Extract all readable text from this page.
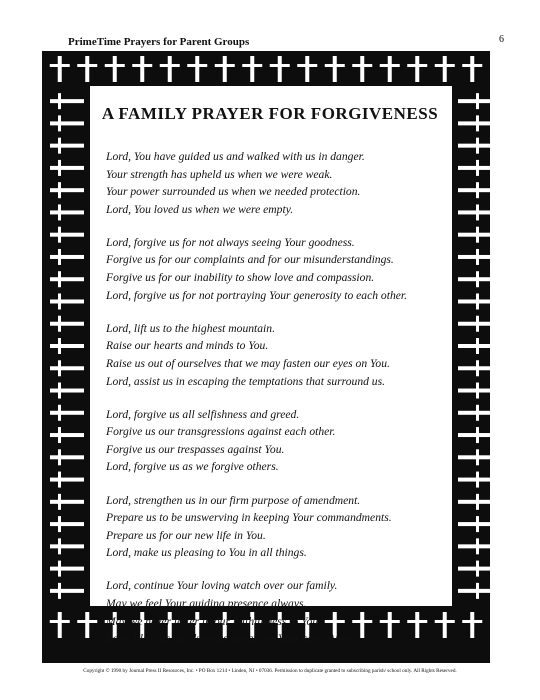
PrimeTime Prayers for Parent Groups	6
A FAMILY PRAYER FOR FORGIVENESS
Lord, You have guided us and walked with us in danger.
Your strength has upheld us when we were weak.
Your power surrounded us when we needed protection.
Lord, You loved us when we were empty.
Lord, forgive us for not always seeing Your goodness.
Forgive us for our complaints and for our misunderstandings.
Forgive us for our inability to show love and compassion.
Lord, forgive us for not portraying Your generosity to each other.
Lord, lift us to the highest mountain.
Raise our hearts and minds to You.
Raise us out of ourselves that we may fasten our eyes on You.
Lord, assist us in escaping the temptations that surround us.
Lord, forgive us all selfishness and greed.
Forgive us our transgressions against each other.
Forgive us our trespasses against You.
Lord, forgive us as we forgive others.
Lord, strengthen us in our firm purpose of amendment.
Prepare us to be unswerving in keeping Your commandments.
Prepare us for our new life in You.
Lord, make us pleasing to You in all things.
Lord, continue Your loving watch over our family.
May we feel Your guiding presence always.
May we never falter in our faithfulness to You.
Lord, bless us and keep us always in Your care. Amen.
Copyright © 1990 by Journal Press II Resources, Inc. • PO Box 1214 • Linden, NJ • 07036. Permission to duplicate granted to subscribing parish/ school only. All Rights Reserved.
